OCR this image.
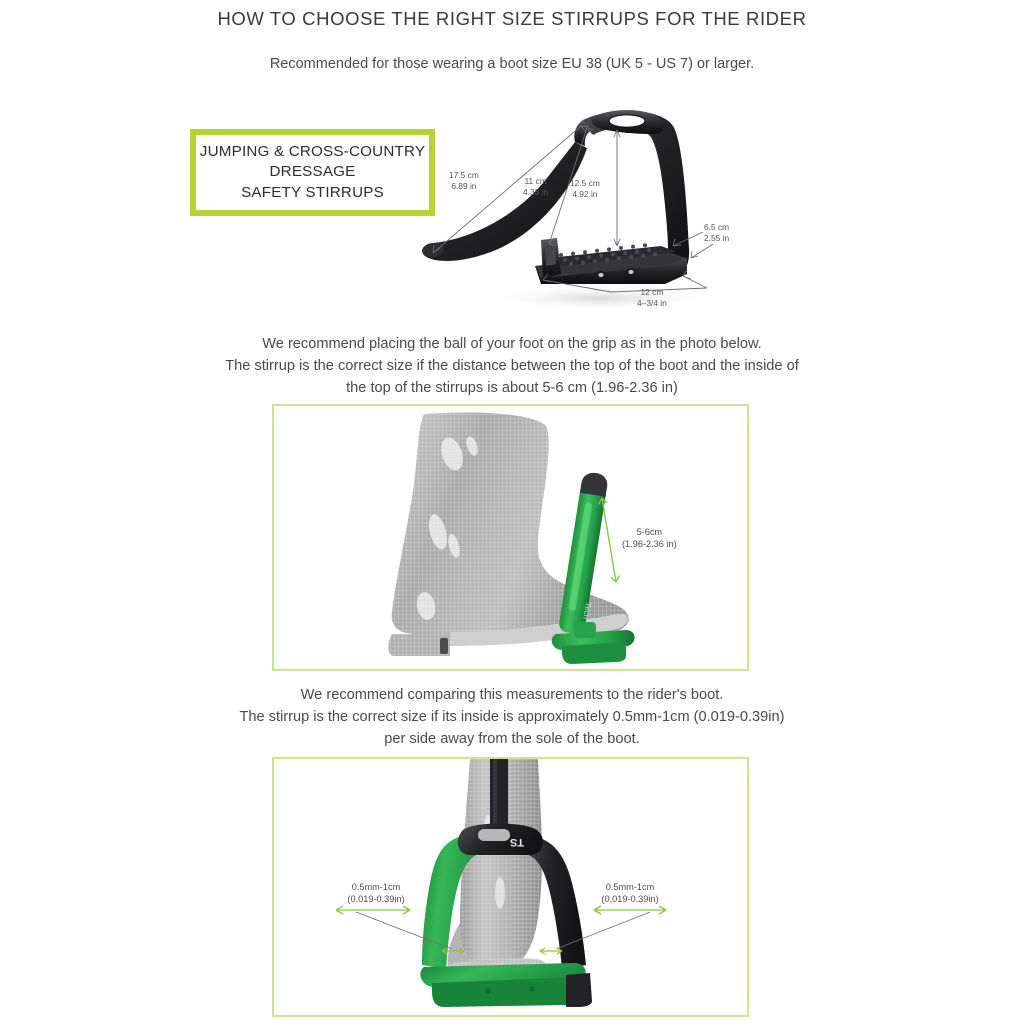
HOW TO CHOOSE THE RIGHT SIZE STIRRUPS FOR THE RIDER
Recommended for those wearing a boot size EU 38 (UK 5 - US 7) or larger.
JUMPING & CROSS-COUNTRY
DRESSAGE
SAFETY STIRRUPS
17.5 cm
6.89 in
11 cm
4.33 in
12.5 cm
4.92 in
6.5 cm
2.55 in
12 cm
4–3/4 in
We recommend placing the ball of your foot on the grip as in the photo below.
The stirrup is the correct size if the distance between the top of the boot and the inside of
the top of the stirrups is about 5-6 cm (1.96-2.36 in)
5-6cm
(1.96-2.36 in)
We recommend comparing this measurements to the rider's boot.
The stirrup is the correct size if its inside is approximately 0.5mm-1cm (0.019-0.39in)
per side away from the sole of the boot.
TS
0.5mm-1cm
(0.019-0.39in)
0.5mm-1cm
(0.019-0.39in)
